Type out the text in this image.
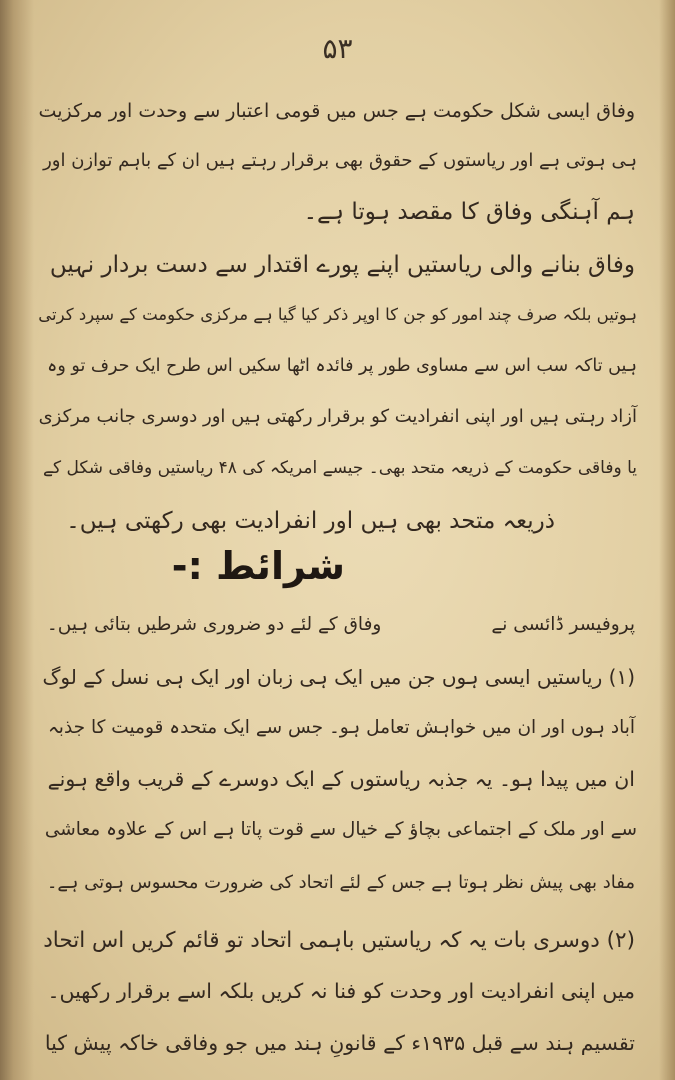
۵۳
وفاق ایسی شکل حکومت ہے جس میں قومی اعتبار سے وحدت اور مرکزیت
ہی ہوتی ہے اور ریاستوں کے حقوق بھی برقرار رہتے ہیں ان کے باہم توازن اور
ہم آہنگی وفاق کا مقصد ہوتا ہے۔
وفاق بنانے والی ریاستیں اپنے پورے اقتدار سے دست بردار نہیں
ہوتیں بلکہ صرف چند امور کو جن کا اوپر ذکر کیا گیا ہے مرکزی حکومت کے سپرد کرتی
ہیں تاکہ سب اس سے مساوی طور پر فائدہ اٹھا سکیں اس طرح ایک حرف تو وہ
آزاد رہتی ہیں اور اپنی انفرادیت کو برقرار رکھتی ہیں اور دوسری جانب مرکزی
یا وفاقی حکومت کے ذریعہ متحد بھی۔ جیسے امریکہ کی ۴۸ ریاستیں وفاقی شکل کے
ذریعہ متحد بھی ہیں اور انفرادیت بھی رکھتی ہیں۔
شرائط :-
پروفیسر ڈائسی نےوفاق کے لئے دو ضروری شرطیں بتائی ہیں۔
(۱) ریاستیں ایسی ہوں جن میں ایک ہی زبان اور ایک ہی نسل کے لوگ
آباد ہوں اور ان میں خواہش تعامل ہو۔ جس سے ایک متحدہ قومیت کا جذبہ
ان میں پیدا ہو۔ یہ جذبہ ریاستوں کے ایک دوسرے کے قریب واقع ہونے
سے اور ملک کے اجتماعی بچاؤ کے خیال سے قوت پاتا ہے اس کے علاوہ معاشی
مفاد بھی پیش نظر ہوتا ہے جس کے لئے اتحاد کی ضرورت محسوس ہوتی ہے۔
(۲) دوسری بات یہ کہ ریاستیں باہمی اتحاد تو قائم کریں اس اتحاد
میں اپنی انفرادیت اور وحدت کو فنا نہ کریں بلکہ اسے برقرار رکھیں۔
تقسیم ہند سے قبل ۱۹۳۵ء کے قانونِ ہند میں جو وفاقی خاکہ پیش کیا
